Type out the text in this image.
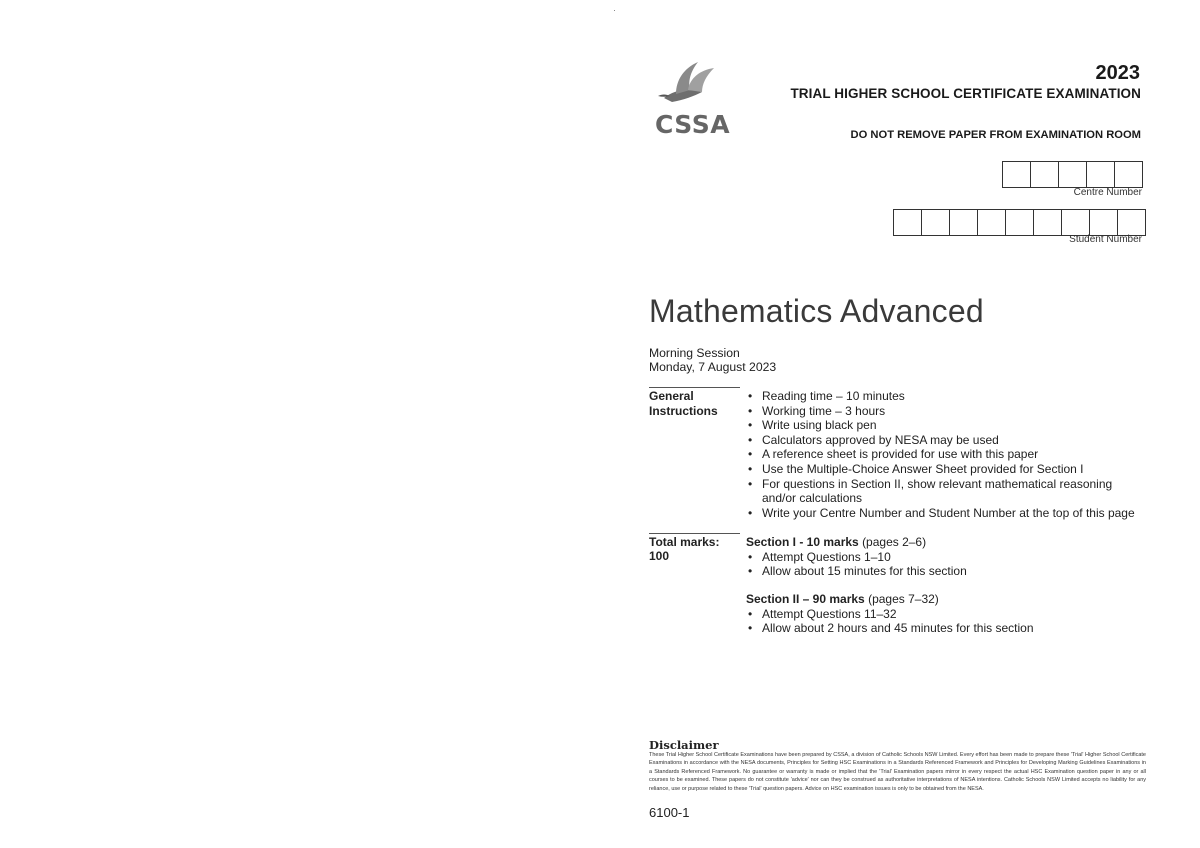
CSSA
2023
TRIAL HIGHER SCHOOL CERTIFICATE EXAMINATION
DO NOT REMOVE PAPER FROM EXAMINATION ROOM
Centre Number
Student Number
Mathematics Advanced
Morning Session
Monday, 7 August 2023
General
Instructions
• Reading time – 10 minutes
• Working time – 3 hours
• Write using black pen
• Calculators approved by NESA may be used
• A reference sheet is provided for use with this paper
• Use the Multiple-Choice Answer Sheet provided for Section I
• For questions in Section II, show relevant mathematical reasoning and/or calculations
• Write your Centre Number and Student Number at the top of this page
Total marks:
100
Section I - 10 marks (pages 2–6)
• Attempt Questions 1–10
• Allow about 15 minutes for this section
Section II – 90 marks (pages 7–32)
• Attempt Questions 11–32
• Allow about 2 hours and 45 minutes for this section
Disclaimer
These Trial Higher School Certificate Examinations have been prepared by CSSA, a division of Catholic Schools NSW Limited. Every effort has been made to prepare these 'Trial' Higher School Certificate Examinations in accordance with the NESA documents, Principles for Setting HSC Examinations in a Standards Referenced Framework and Principles for Developing Marking Guidelines Examinations in a Standards Referenced Framework. No guarantee or warranty is made or implied that the 'Trial' Examination papers mirror in every respect the actual HSC Examination question paper in any or all courses to be examined. These papers do not constitute 'advice' nor can they be construed as authoritative interpretations of NESA intentions. Catholic Schools NSW Limited accepts no liability for any reliance, use or purpose related to these 'Trial' question papers. Advice on HSC examination issues is only to be obtained from the NESA.
6100-1
